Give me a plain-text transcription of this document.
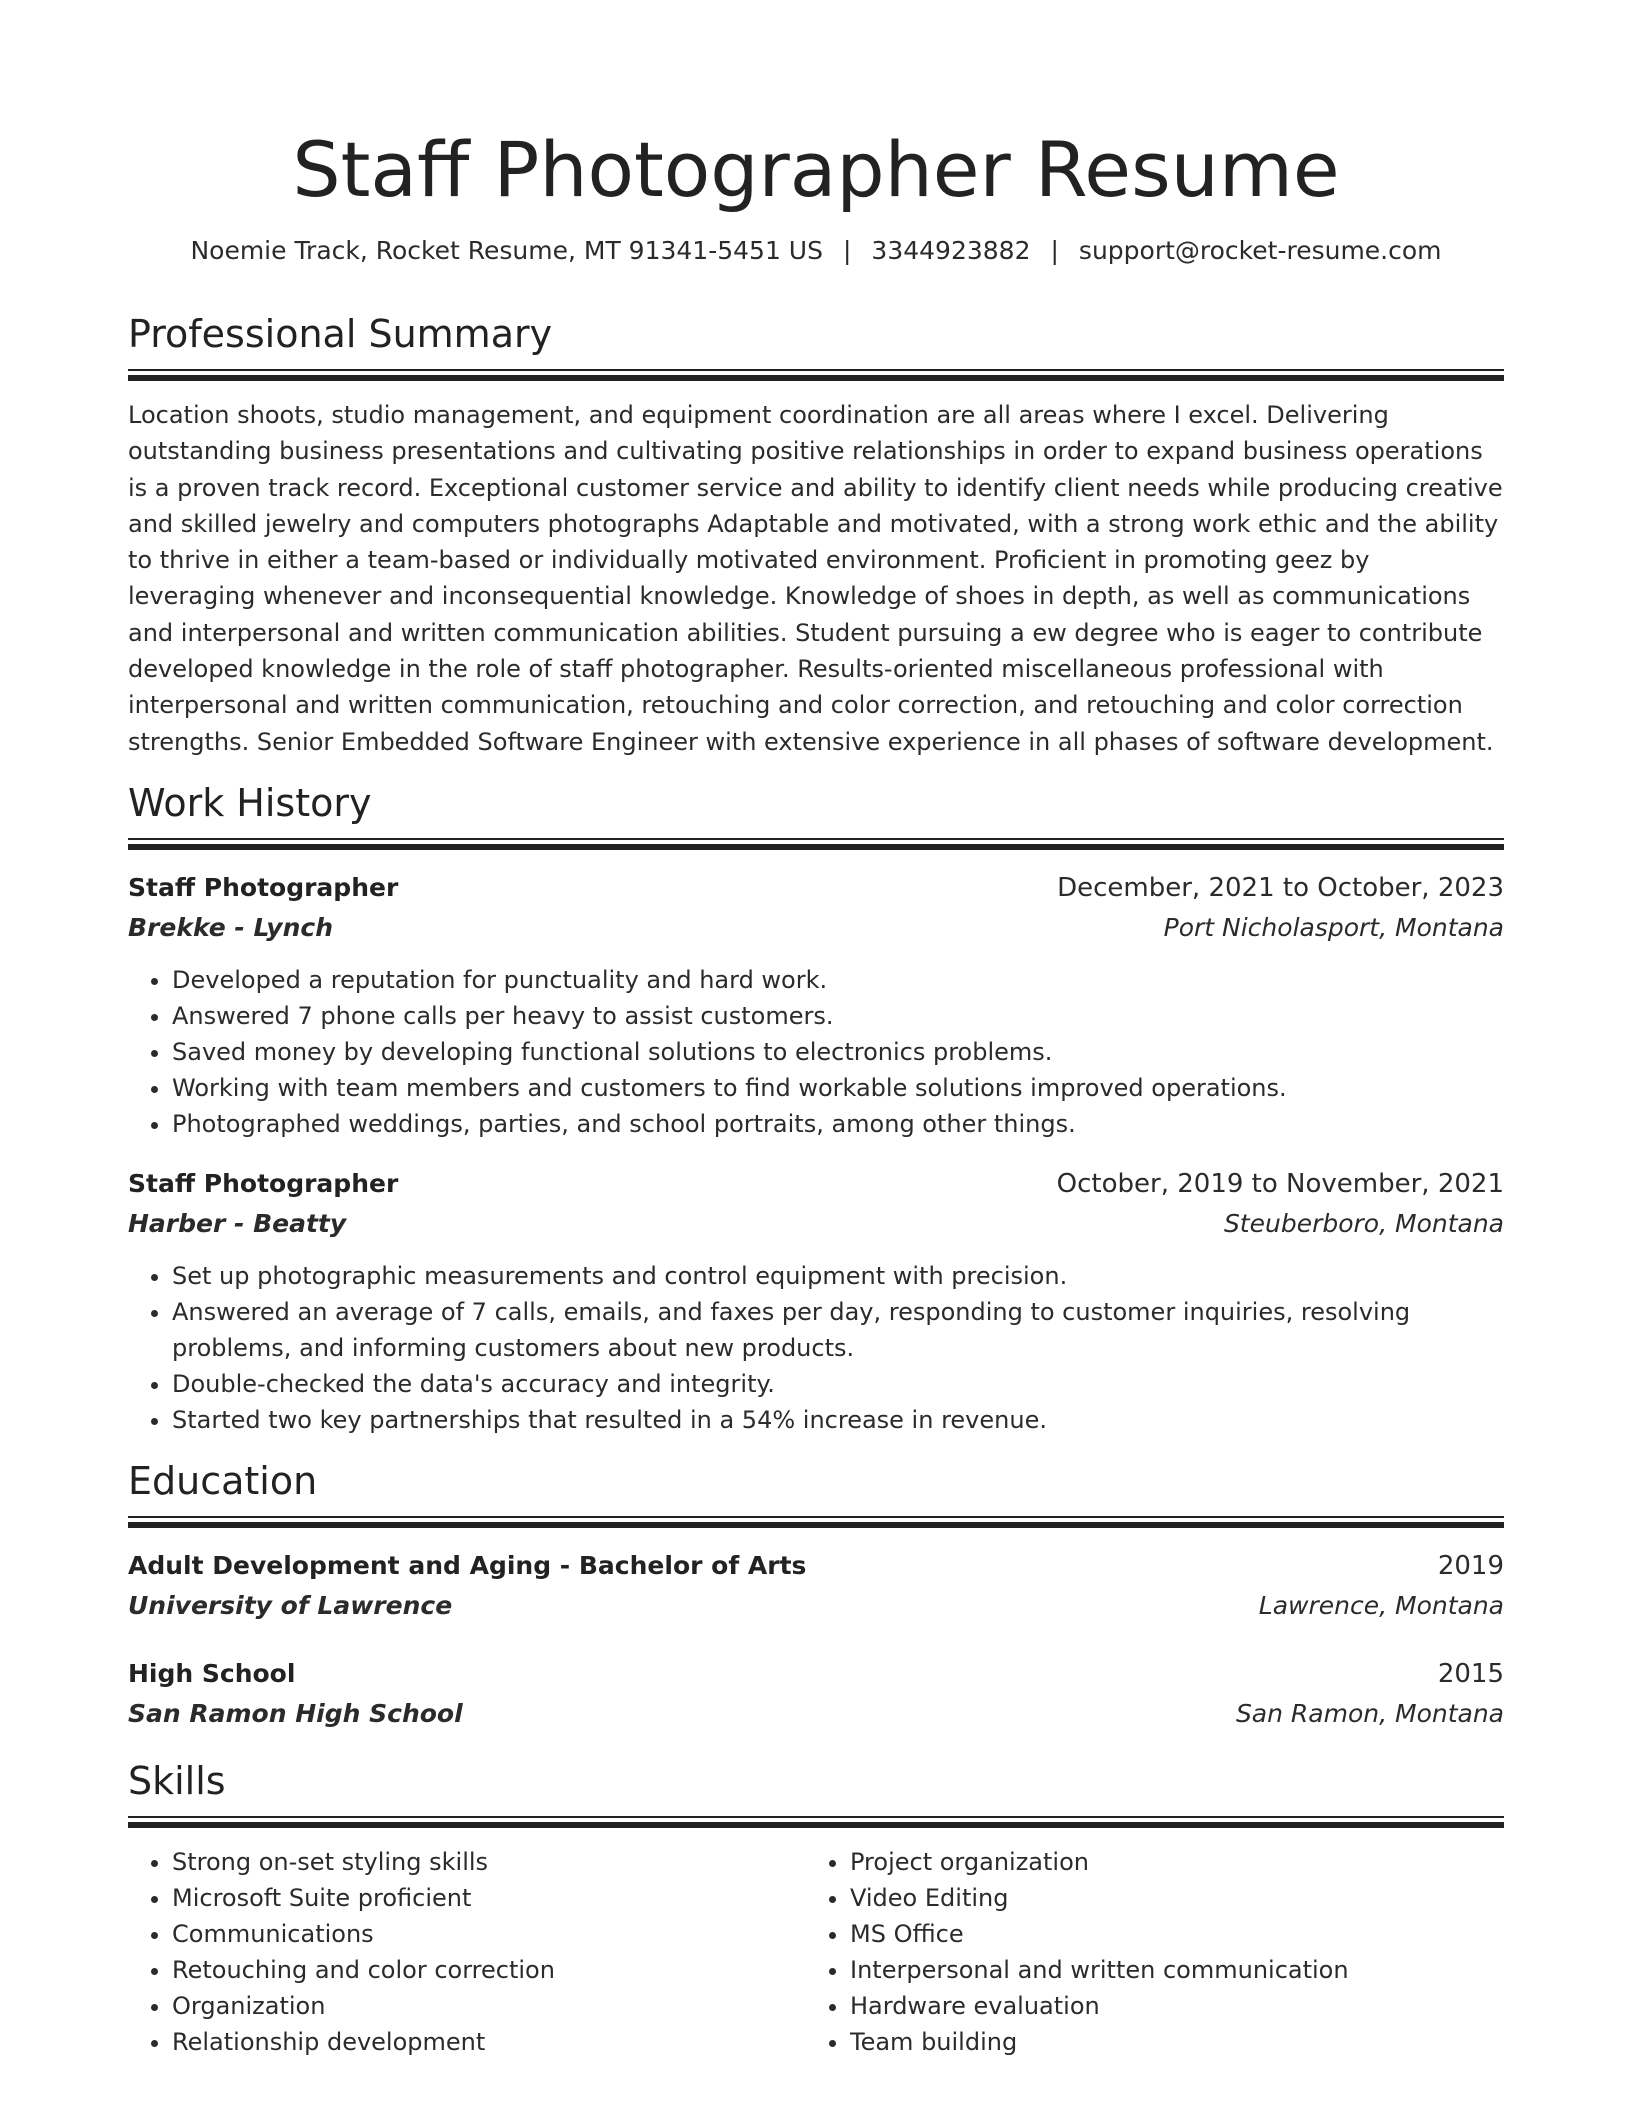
Staff Photographer Resume
Noemie Track, Rocket Resume, MT 91341-5451 US | 3344923882 | support@rocket-resume.com
Professional Summary

Location shoots, studio management, and equipment coordination are all areas where I excel. Delivering outstanding business presentations and cultivating positive relationships in order to expand business operations is a proven track record. Exceptional customer service and ability to identify client needs while producing creative and skilled jewelry and computers photographs Adaptable and motivated, with a strong work ethic and the ability to thrive in either a team-based or individually motivated environment. Proficient in promoting geez by leveraging whenever and inconsequential knowledge. Knowledge of shoes in depth, as well as communications and interpersonal and written communication abilities. Student pursuing a ew degree who is eager to contribute developed knowledge in the role of staff photographer. Results-oriented miscellaneous professional with interpersonal and written communication, retouching and color correction, and retouching and color correction strengths. Senior Embedded Software Engineer with extensive experience in all phases of software development.

Work History
Staff Photographer	December, 2021 to October, 2023
Brekke - Lynch	Port Nicholasport, Montana
• Developed a reputation for punctuality and hard work.
• Answered 7 phone calls per heavy to assist customers.
• Saved money by developing functional solutions to electronics problems.
• Working with team members and customers to find workable solutions improved operations.
• Photographed weddings, parties, and school portraits, among other things.
Staff Photographer	October, 2019 to November, 2021
Harber - Beatty	Steuberboro, Montana
• Set up photographic measurements and control equipment with precision.
• Answered an average of 7 calls, emails, and faxes per day, responding to customer inquiries, resolving problems, and informing customers about new products.
• Double-checked the data's accuracy and integrity.
• Started two key partnerships that resulted in a 54% increase in revenue.
Education
Adult Development and Aging - Bachelor of Arts	2019
University of Lawrence	Lawrence, Montana
High School	2015
San Ramon High School	San Ramon, Montana
Skills
• Strong on-set styling skills
• Microsoft Suite proficient
• Communications
• Retouching and color correction
• Organization
• Relationship development
• Project organization
• Video Editing
• MS Office
• Interpersonal and written communication
• Hardware evaluation
• Team building
